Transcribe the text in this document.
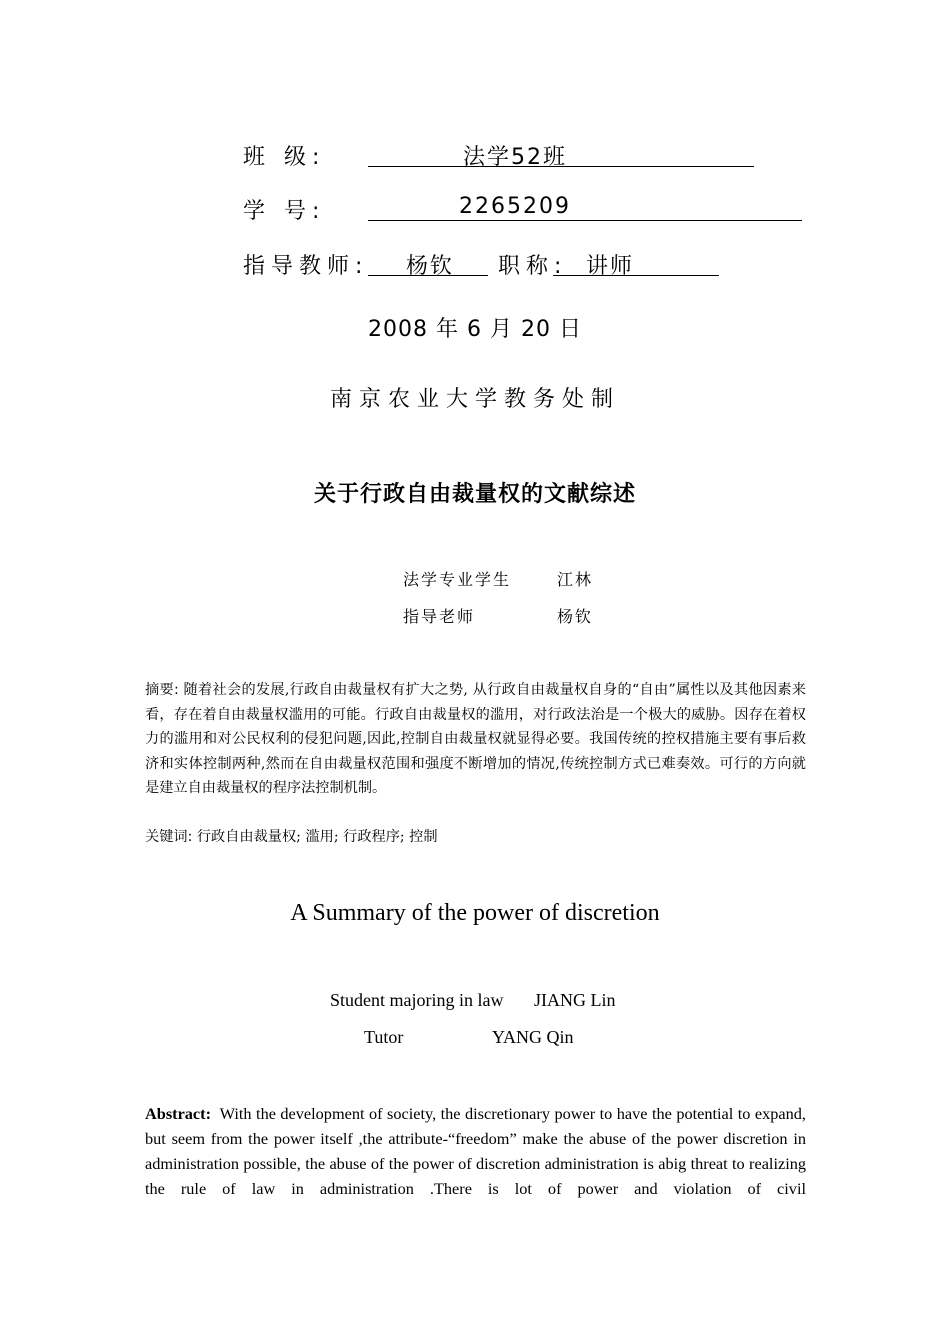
班 级:	法学52班
学 号:	2265209
指导教师:	杨钦	职称: 讲师
2008 年 6 月 20 日
南京农业大学教务处制
关于行政自由裁量权的文献综述
法学专业学生	江林
指导老师	杨钦
摘要: 随着社会的发展,行政自由裁量权有扩大之势, 从行政自由裁量权自身的“自由”属性以及其他因素来看，存在着自由裁量权滥用的可能。行政自由裁量权的滥用，对行政法治是一个极大的威胁。因存在着权力的滥用和对公民权利的侵犯问题,因此,控制自由裁量权就显得必要。我国传统的控权措施主要有事后救济和实体控制两种,然而在自由裁量权范围和强度不断增加的情况,传统控制方式已难奏效。可行的方向就是建立自由裁量权的程序法控制机制。
关键词: 行政自由裁量权; 滥用; 行政程序; 控制
A Summary of the power of discretion
Student majoring in law JIANG Lin
Tutor	YANG Qin
Abstract: With the development of society, the discretionary power to have the potential to expand, but seem from the power itself ,the attribute-“freedom” make the abuse of the power discretion in administration possible, the abuse of the power of discretion administration is abig threat to realizing the rule of law in administration .There is lot of power and violation of civil
